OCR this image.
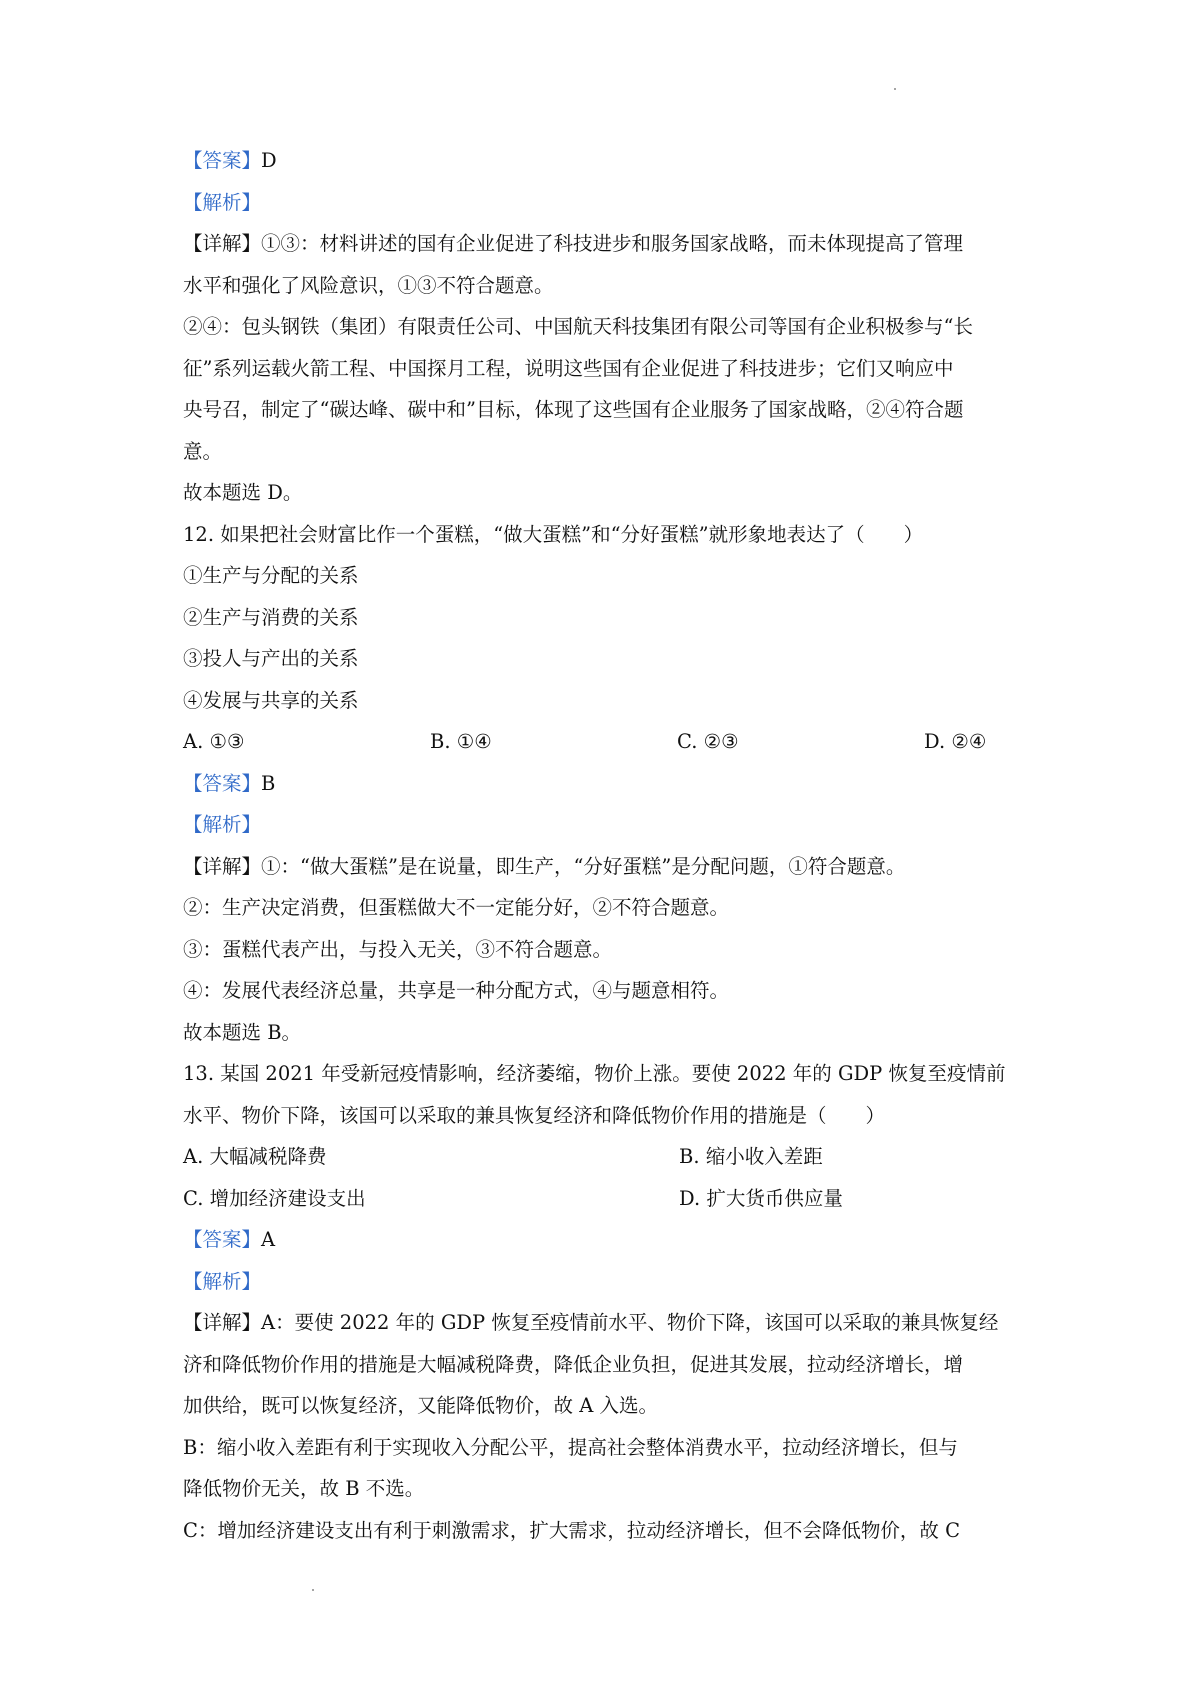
【答案】D
【解析】
【详解】①③：材料讲述的国有企业促进了科技进步和服务国家战略，而未体现提高了管理
水平和强化了风险意识，①③不符合题意。
②④：包头钢铁（集团）有限责任公司、中国航天科技集团有限公司等国有企业积极参与“长
征”系列运载火箭工程、中国探月工程，说明这些国有企业促进了科技进步；它们又响应中
央号召，制定了“碳达峰、碳中和”目标，体现了这些国有企业服务了国家战略，②④符合题
意。
故本题选 D。
12. 如果把社会财富比作一个蛋糕，“做大蛋糕”和“分好蛋糕”就形象地表达了（　　）
①生产与分配的关系
②生产与消费的关系
③投人与产出的关系
④发展与共享的关系
A. ①③	B. ①④	C. ②③	D. ②④
【答案】B
【解析】
【详解】①：“做大蛋糕”是在说量，即生产，“分好蛋糕”是分配问题，①符合题意。
②：生产决定消费，但蛋糕做大不一定能分好，②不符合题意。
③：蛋糕代表产出，与投入无关，③不符合题意。
④：发展代表经济总量，共享是一种分配方式，④与题意相符。
故本题选 B。
13. 某国 2021 年受新冠疫情影响，经济萎缩，物价上涨。要使 2022 年的 GDP 恢复至疫情前
水平、物价下降，该国可以采取的兼具恢复经济和降低物价作用的措施是（　　）
A. 大幅减税降费	B. 缩小收入差距
C. 增加经济建设支出	D. 扩大货币供应量
【答案】A
【解析】
【详解】A：要使 2022 年的 GDP 恢复至疫情前水平、物价下降，该国可以采取的兼具恢复经
济和降低物价作用的措施是大幅减税降费，降低企业负担，促进其发展，拉动经济增长，增
加供给，既可以恢复经济，又能降低物价，故 A 入选。
B：缩小收入差距有利于实现收入分配公平，提高社会整体消费水平，拉动经济增长，但与
降低物价无关，故 B 不选。
C：增加经济建设支出有利于刺激需求，扩大需求，拉动经济增长，但不会降低物价，故 C
